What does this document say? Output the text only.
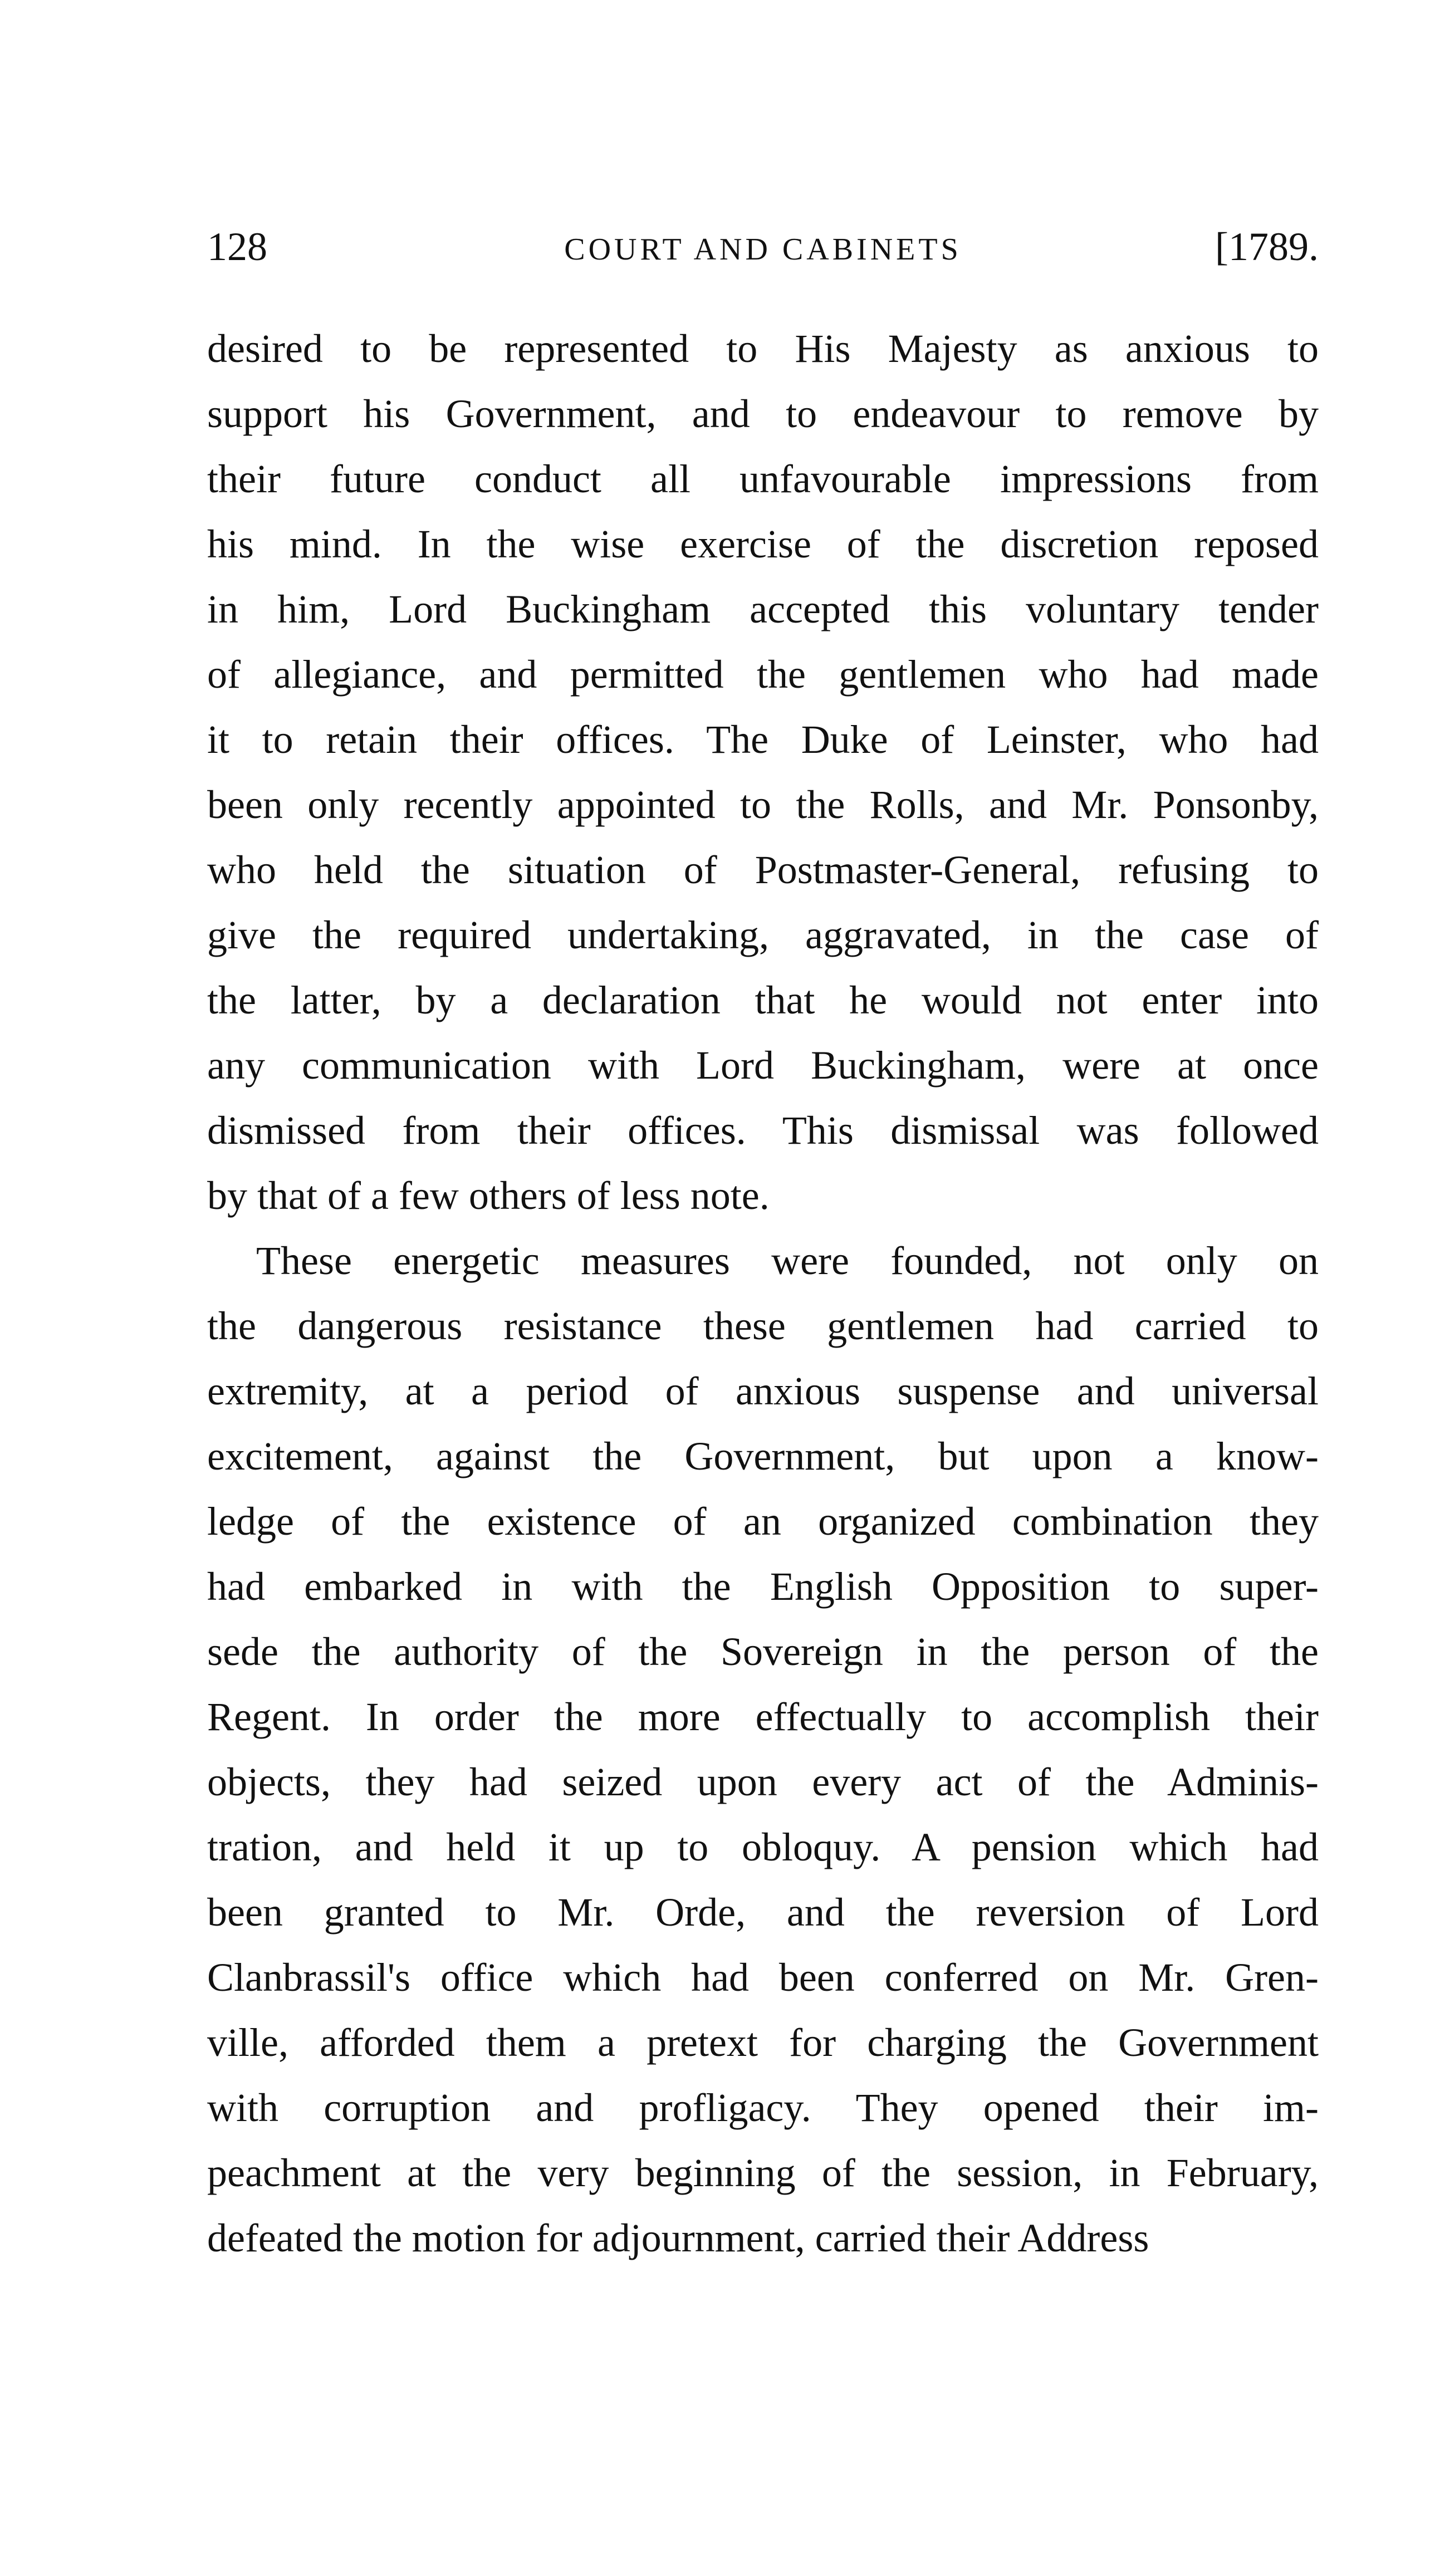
128	COURT AND CABINETS	[1789.

desired to be represented to His Majesty as anxious to
support his Government, and to endeavour to remove by
their future conduct all unfavourable impressions from
his mind. In the wise exercise of the discretion reposed
in him, Lord Buckingham accepted this voluntary tender
of allegiance, and permitted the gentlemen who had made
it to retain their offices. The Duke of Leinster, who had
been only recently appointed to the Rolls, and Mr. Ponsonby,
who held the situation of Postmaster-General, refusing to
give the required undertaking, aggravated, in the case of
the latter, by a declaration that he would not enter into
any communication with Lord Buckingham, were at once
dismissed from their offices. This dismissal was followed
by that of a few others of less note.

These energetic measures were founded, not only on
the dangerous resistance these gentlemen had carried to
extremity, at a period of anxious suspense and universal
excitement, against the Government, but upon a know-
ledge of the existence of an organized combination they
had embarked in with the English Opposition to super-
sede the authority of the Sovereign in the person of the
Regent. In order the more effectually to accomplish their
objects, they had seized upon every act of the Adminis-
tration, and held it up to obloquy. A pension which had
been granted to Mr. Orde, and the reversion of Lord
Clanbrassil's office which had been conferred on Mr. Gren-
ville, afforded them a pretext for charging the Government
with corruption and profligacy. They opened their im-
peachment at the very beginning of the session, in February,
defeated the motion for adjournment, carried their Address
